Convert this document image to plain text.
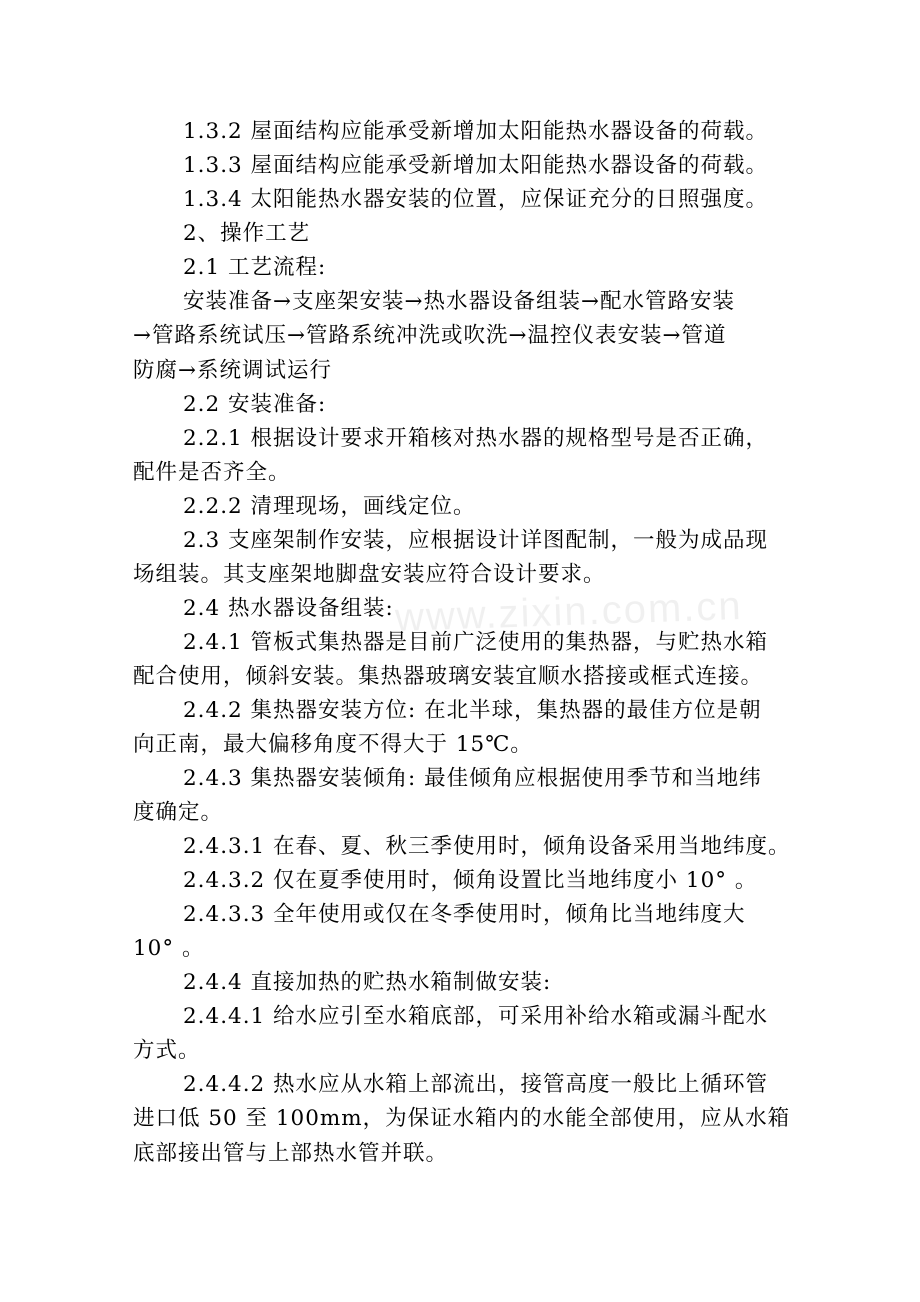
www.zixin.com.cn

1.3.2 屋面结构应能承受新增加太阳能热水器设备的荷载。

1.3.3 屋面结构应能承受新增加太阳能热水器设备的荷载。

1.3.4 太阳能热水器安装的位置，应保证充分的日照强度。

2、操作工艺

2.1 工艺流程:

安装准备→支座架安装→热水器设备组装→配水管路安装
→管路系统试压→管路系统冲洗或吹洗→温控仪表安装→管道
防腐→系统调试运行

2.2 安装准备:

2.2.1 根据设计要求开箱核对热水器的规格型号是否正确，
配件是否齐全。

2.2.2 清理现场，画线定位。

2.3 支座架制作安装，应根据设计详图配制，一般为成品现
场组装。其支座架地脚盘安装应符合设计要求。

2.4 热水器设备组装:

2.4.1 管板式集热器是目前广泛使用的集热器，与贮热水箱
配合使用，倾斜安装。集热器玻璃安装宜顺水搭接或框式连接。

2.4.2 集热器安装方位: 在北半球，集热器的最佳方位是朝
向正南，最大偏移角度不得大于 15℃。

2.4.3 集热器安装倾角: 最佳倾角应根据使用季节和当地纬
度确定。

2.4.3.1 在春、夏、秋三季使用时，倾角设备采用当地纬度。

2.4.3.2 仅在夏季使用时，倾角设置比当地纬度小 10° 。

2.4.3.3 全年使用或仅在冬季使用时，倾角比当地纬度大
10° 。

2.4.4 直接加热的贮热水箱制做安装:

2.4.4.1 给水应引至水箱底部，可采用补给水箱或漏斗配水
方式。

2.4.4.2 热水应从水箱上部流出，接管高度一般比上循环管
进口低 50 至 100mm，为保证水箱内的水能全部使用，应从水箱
底部接出管与上部热水管并联。
